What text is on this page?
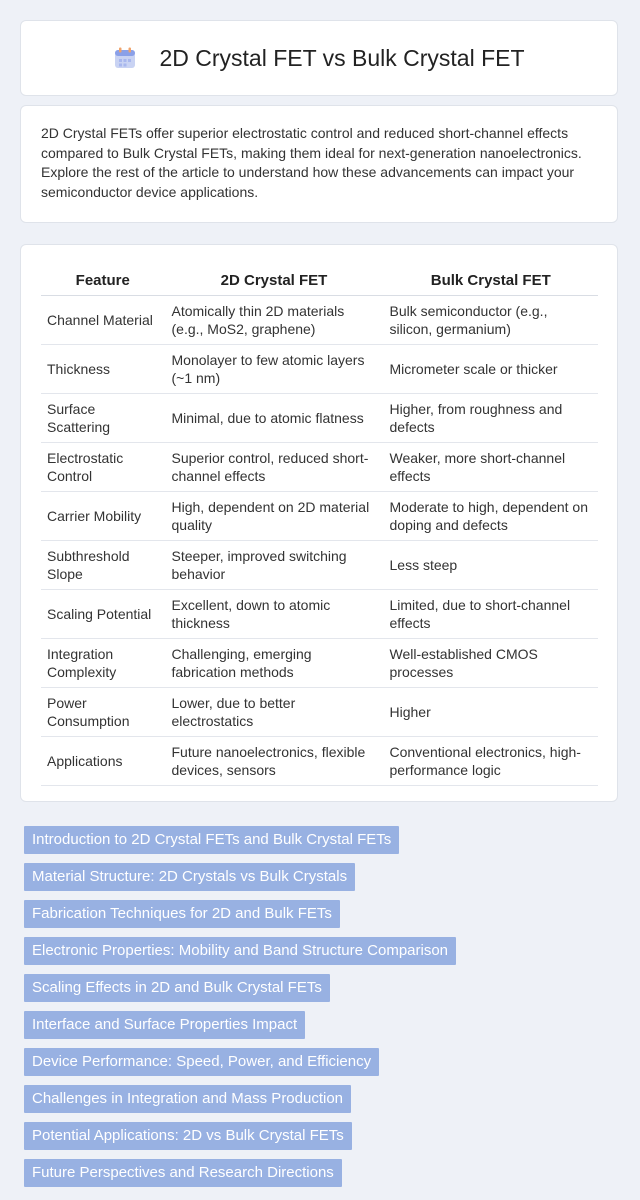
2D Crystal FET vs Bulk Crystal FET

2D Crystal FETs offer superior electrostatic control and reduced short-channel effects compared to Bulk Crystal FETs, making them ideal for next-generation nanoelectronics. Explore the rest of the article to understand how these advancements can impact your semiconductor device applications.

Feature	2D Crystal FET	Bulk Crystal FET
Channel Material	Atomically thin 2D materials (e.g., MoS2, graphene)	Bulk semiconductor (e.g., silicon, germanium)
Thickness	Monolayer to few atomic layers (~1 nm)	Micrometer scale or thicker
Surface Scattering	Minimal, due to atomic flatness	Higher, from roughness and defects
Electrostatic Control	Superior control, reduced short-channel effects	Weaker, more short-channel effects
Carrier Mobility	High, dependent on 2D material quality	Moderate to high, dependent on doping and defects
Subthreshold Slope	Steeper, improved switching behavior	Less steep
Scaling Potential	Excellent, down to atomic thickness	Limited, due to short-channel effects
Integration Complexity	Challenging, emerging fabrication methods	Well-established CMOS processes
Power Consumption	Lower, due to better electrostatics	Higher
Applications	Future nanoelectronics, flexible devices, sensors	Conventional electronics, high-performance logic
Introduction to 2D Crystal FETs and Bulk Crystal FETs
Material Structure: 2D Crystals vs Bulk Crystals
Fabrication Techniques for 2D and Bulk FETs
Electronic Properties: Mobility and Band Structure Comparison
Scaling Effects in 2D and Bulk Crystal FETs
Interface and Surface Properties Impact
Device Performance: Speed, Power, and Efficiency
Challenges in Integration and Mass Production
Potential Applications: 2D vs Bulk Crystal FETs
Future Perspectives and Research Directions
